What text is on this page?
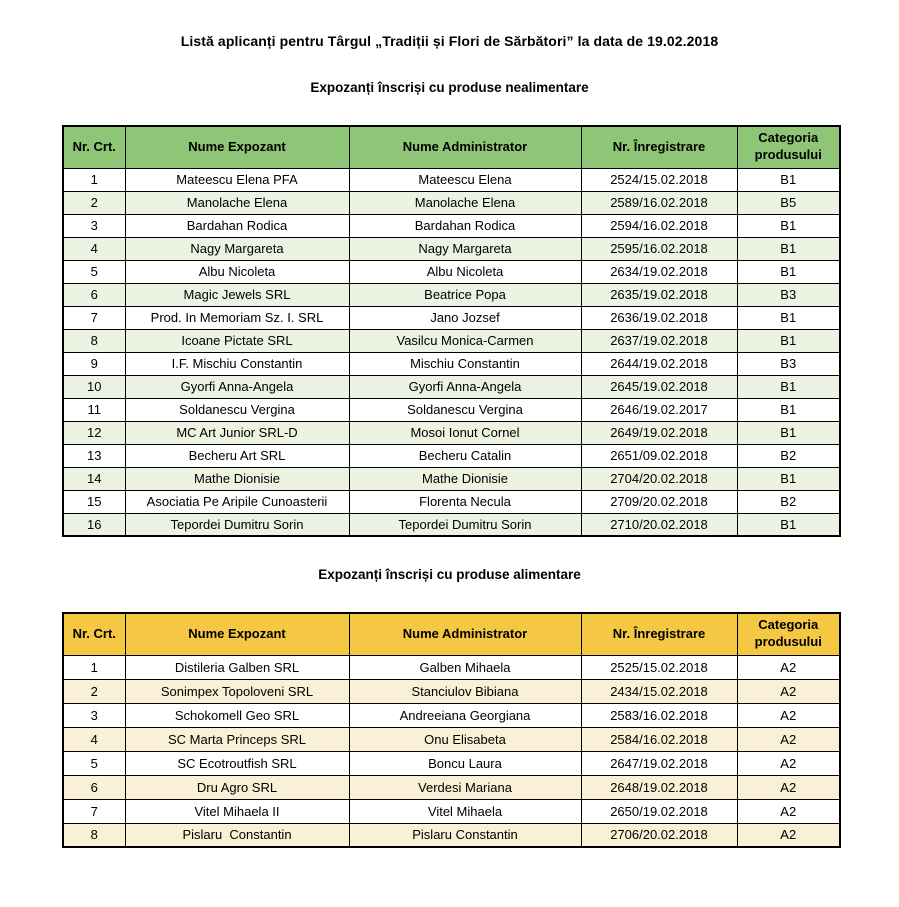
Listă aplicanți pentru Târgul „Tradiții și Flori de Sărbători” la data de 19.02.2018
Expozanți înscriși cu produse nealimentare
Nr. Crt.	Nume Expozant	Nume Administrator	Nr. Înregistrare	Categoria produsului
1	Mateescu Elena PFA	Mateescu Elena	2524/15.02.2018	B1
2	Manolache Elena	Manolache Elena	2589/16.02.2018	B5
3	Bardahan Rodica	Bardahan Rodica	2594/16.02.2018	B1
4	Nagy Margareta	Nagy Margareta	2595/16.02.2018	B1
5	Albu Nicoleta	Albu Nicoleta	2634/19.02.2018	B1
6	Magic Jewels SRL	Beatrice Popa	2635/19.02.2018	B3
7	Prod. In Memoriam Sz. I. SRL	Jano Jozsef	2636/19.02.2018	B1
8	Icoane Pictate SRL	Vasilcu Monica-Carmen	2637/19.02.2018	B1
9	I.F. Mischiu Constantin	Mischiu Constantin	2644/19.02.2018	B3
10	Gyorfi Anna-Angela	Gyorfi Anna-Angela	2645/19.02.2018	B1
11	Soldanescu Vergina	Soldanescu Vergina	2646/19.02.2017	B1
12	MC Art Junior SRL-D	Mosoi Ionut Cornel	2649/19.02.2018	B1
13	Becheru Art SRL	Becheru Catalin	2651/09.02.2018	B2
14	Mathe Dionisie	Mathe Dionisie	2704/20.02.2018	B1
15	Asociatia Pe Aripile Cunoasterii	Florenta Necula	2709/20.02.2018	B2
16	Tepordei Dumitru Sorin	Tepordei Dumitru Sorin	2710/20.02.2018	B1
Expozanți înscriși cu produse alimentare
Nr. Crt.	Nume Expozant	Nume Administrator	Nr. Înregistrare	Categoria produsului
1	Distileria Galben SRL	Galben Mihaela	2525/15.02.2018	A2
2	Sonimpex Topoloveni SRL	Stanciulov Bibiana	2434/15.02.2018	A2
3	Schokomell Geo SRL	Andreeiana Georgiana	2583/16.02.2018	A2
4	SC Marta Princeps SRL	Onu Elisabeta	2584/16.02.2018	A2
5	SC Ecotroutfish SRL	Boncu Laura	2647/19.02.2018	A2
6	Dru Agro SRL	Verdesi Mariana	2648/19.02.2018	A2
7	Vitel Mihaela II	Vitel Mihaela	2650/19.02.2018	A2
8	Pislaru  Constantin	Pislaru Constantin	2706/20.02.2018	A2
